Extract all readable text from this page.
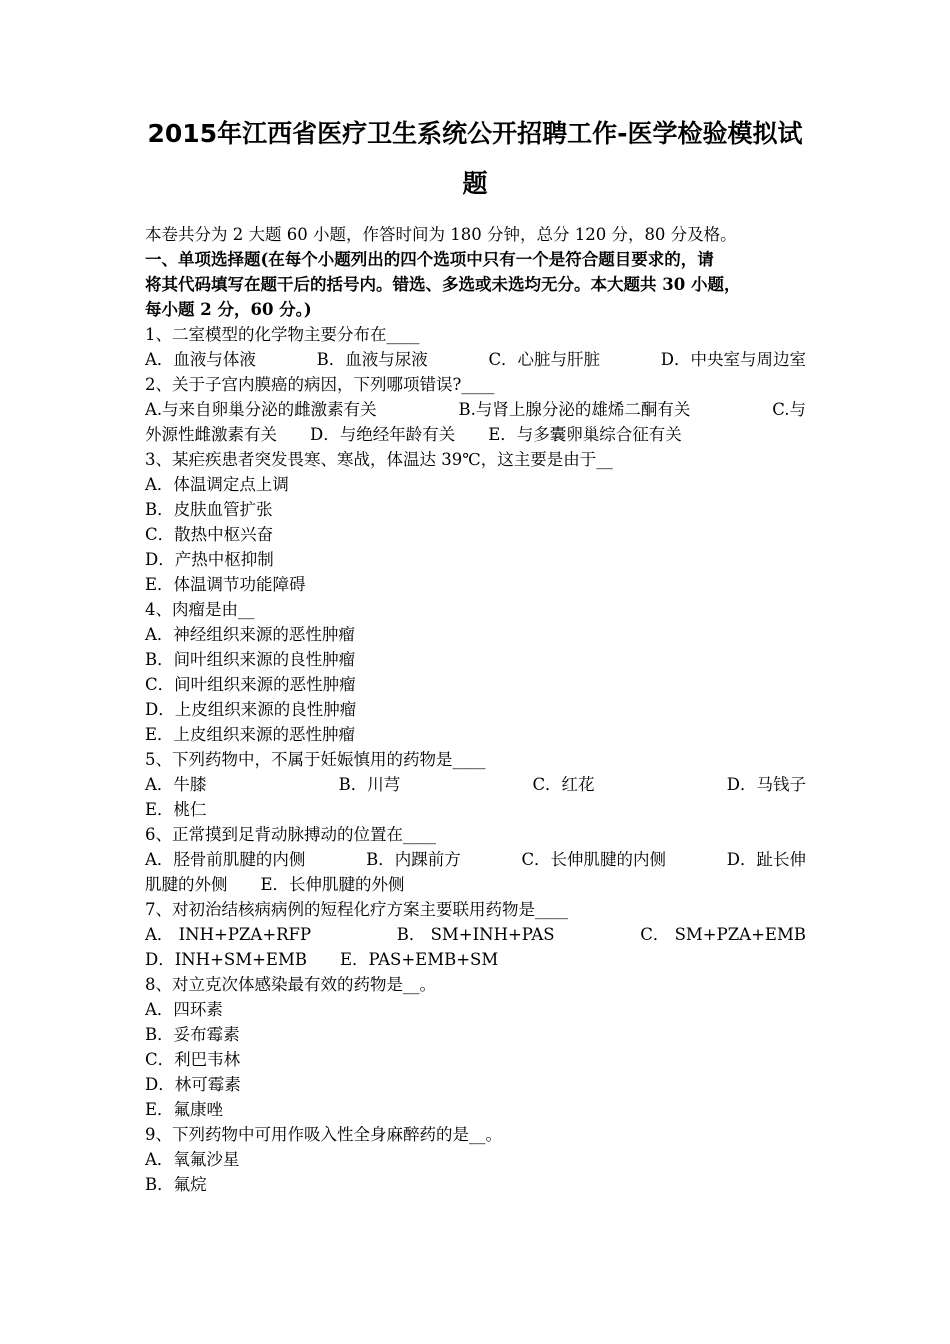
2015年江西省医疗卫生系统公开招聘工作-医学检验模拟试
题
本卷共分为 2 大题 60 小题，作答时间为 180 分钟，总分 120 分，80 分及格。
一、单项选择题(在每个小题列出的四个选项中只有一个是符合题目要求的，请
将其代码填写在题干后的括号内。错选、多选或未选均无分。本大题共 30 小题，
每小题 2 分，60 分。)
1、二室模型的化学物主要分布在____
A．血液与体液	B．血液与尿液	C．心脏与肝脏	D．中央室与周边室
2、关于子宫内膜癌的病因，下列哪项错误?____
A.与来自卵巢分泌的雌激素有关	B.与肾上腺分泌的雄烯二酮有关	C.与
外源性雌激素有关　　D．与绝经年龄有关　　E．与多囊卵巢综合征有关
3、某疟疾患者突发畏寒、寒战，体温达 39℃，这主要是由于__
A．体温调定点上调
B．皮肤血管扩张
C．散热中枢兴奋
D．产热中枢抑制
E．体温调节功能障碍
4、肉瘤是由__
A．神经组织来源的恶性肿瘤
B．间叶组织来源的良性肿瘤
C．间叶组织来源的恶性肿瘤
D．上皮组织来源的良性肿瘤
E．上皮组织来源的恶性肿瘤
5、下列药物中，不属于妊娠慎用的药物是____
A．牛膝	B．川芎	C．红花	D．马钱子
E．桃仁
6、正常摸到足背动脉搏动的位置在____
A．胫骨前肌腱的内侧	B．内踝前方	C．长伸肌腱的内侧	D．趾长伸
肌腱的外侧　　E．长伸肌腱的外侧
7、对初治结核病病例的短程化疗方案主要联用药物是____
A． INH+PZA+RFP	B． SM+INH+PAS	C． SM+PZA+EMB
D．INH+SM+EMB　　E．PAS+EMB+SM
8、对立克次体感染最有效的药物是__。
A．四环素
B．妥布霉素
C．利巴韦林
D．林可霉素
E．氟康唑
9、下列药物中可用作吸入性全身麻醉药的是__。
A．氧氟沙星
B．氟烷
